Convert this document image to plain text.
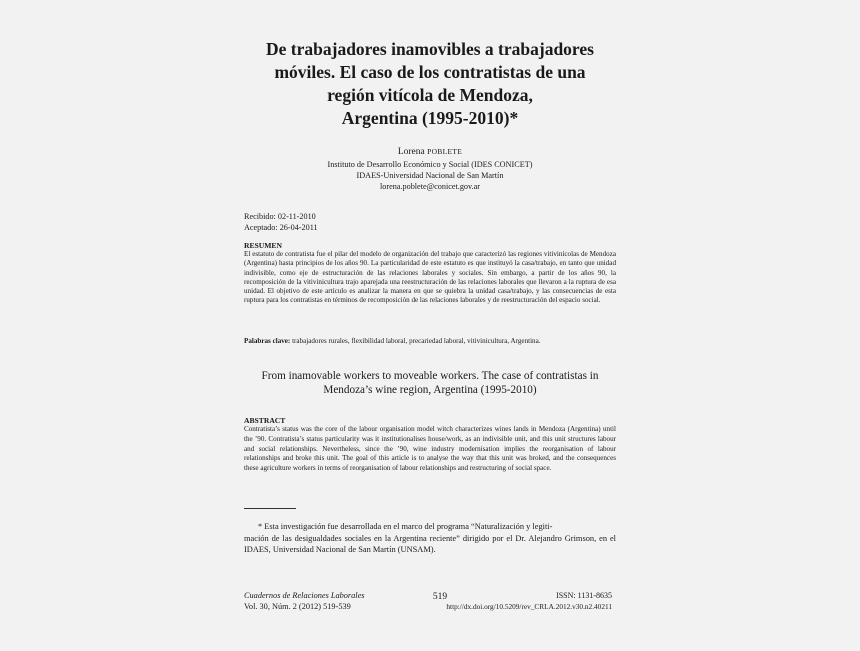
De trabajadores inamovibles a trabajadores
móviles. El caso de los contratistas de una
región vitícola de Mendoza,
Argentina (1995-2010)*
Lorena POBLETE
Instituto de Desarrollo Económico y Social (IDES CONICET)
IDAES-Universidad Nacional de San Martín
lorena.poblete@conicet.gov.ar
Recibido: 02-11-2010
Aceptado: 26-04-2011
RESUMEN
El estatuto de contratista fue el pilar del modelo de organización del trabajo que caracterizó las regiones vitivinícolas de Mendoza (Argentina) hasta principios de los años 90. La particularidad de este estatuto es que instituyó la casa/trabajo, en tanto que unidad indivisible, como eje de estructuración de las relaciones laborales y sociales. Sin embargo, a partir de los años 90, la recomposición de la vitivinicultura trajo aparejada una reestructuración de las relaciones laborales que llevaron a la ruptura de esa unidad. El objetivo de este artículo es analizar la manera en que se quiebra la unidad casa/trabajo, y las consecuencias de esta ruptura para los contratistas en términos de recomposición de las relaciones laborales y de reestructuración del espacio social.
Palabras clave: trabajadores rurales, flexibilidad laboral, precariedad laboral, vitivinicultura, Argentina.
From inamovable workers to moveable workers. The case of contratistas in Mendoza’s wine region, Argentina (1995-2010)
ABSTRACT
Contratista’s status was the core of the labour organisation model witch characterizes wines lands in Mendoza (Argentina) until the ’90. Contratista’s status particularity was it institutionalises house/work, as an indivisible unit, and this unit structures labour and social relationships. Nevertheless, since the ’90, wine industry modernisation implies the reorganisation of labour relationships and broke this unit. The goal of this article is to analyse the way that this unit was broked, and the consequences these agriculture workers in terms of reorganisation of labour relationships and restructuring of social space.
* Esta investigación fue desarrollada en el marco del programa “Naturalización y legiti-
mación de las desigualdades sociales en la Argentina reciente” dirigido por el Dr. Alejandro Grimson, en el IDAES, Universidad Nacional de San Martín (UNSAM).
Cuadernos de Relaciones Laborales
Vol. 30, Núm. 2 (2012) 519-539
519	ISSN: 1131-8635
http://dx.doi.org/10.5209/rev_CRLA.2012.v30.n2.40211
